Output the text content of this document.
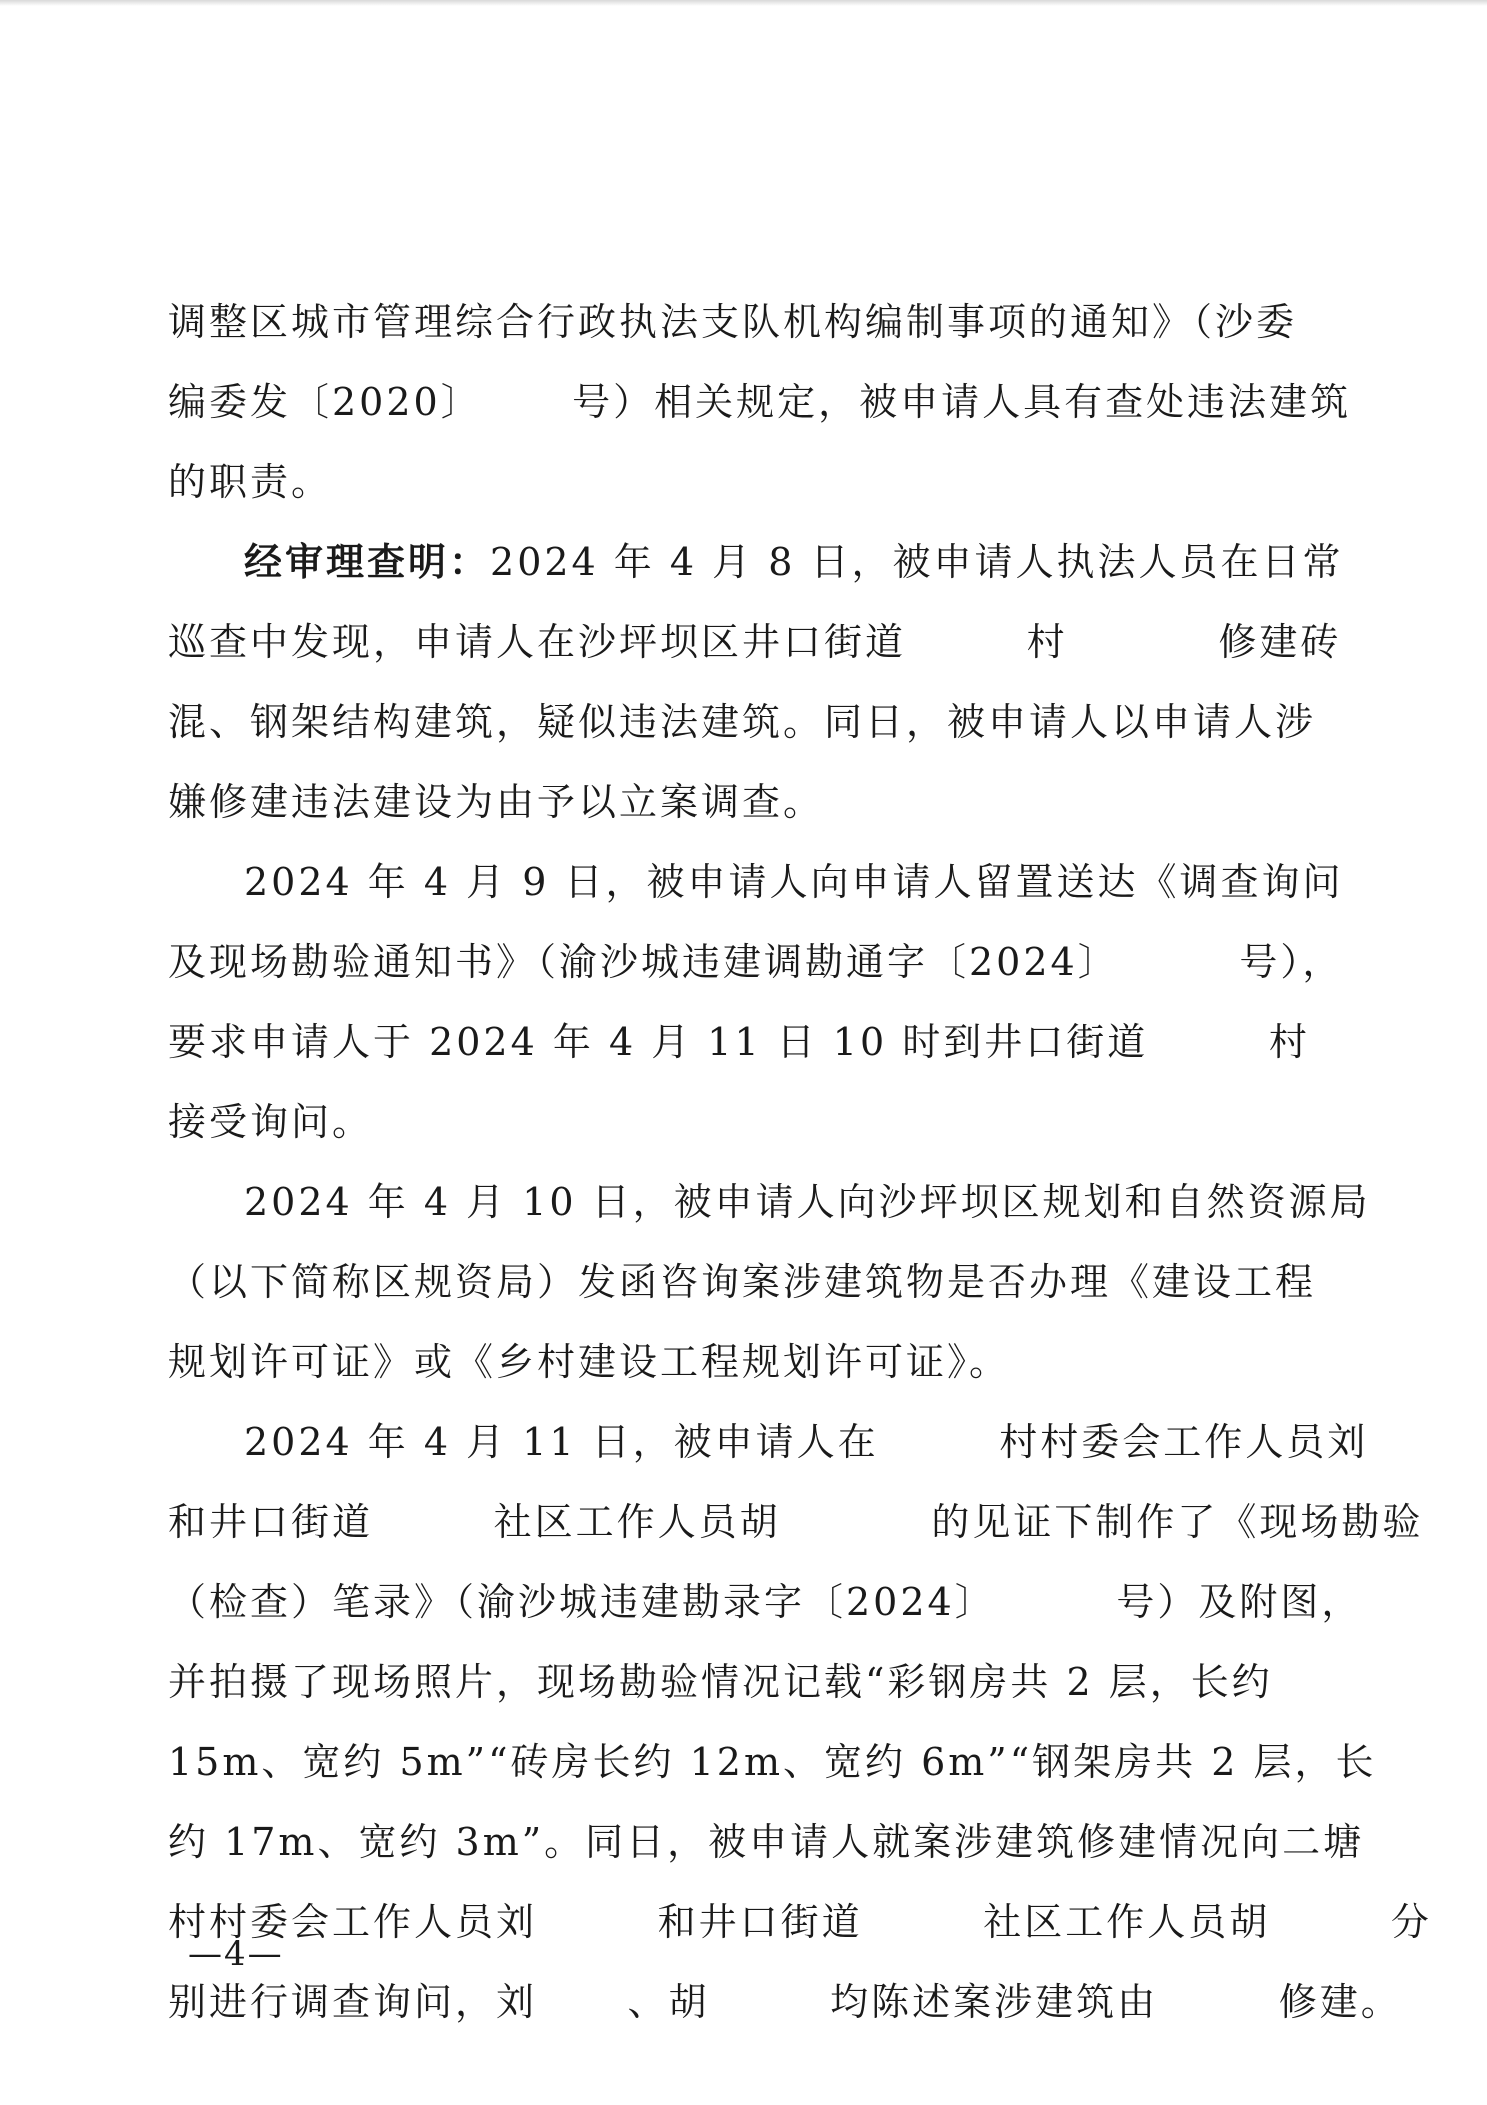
调整区城市管理综合行政执法支队机构编制事项的通知》（沙委
编委发〔2020〕      号）相关规定，被申请人具有查处违法建筑
的职责。
经审理查明：2024 年 4 月 8 日，被申请人执法人员在日常
巡查中发现，申请人在沙坪坝区井口街道        村          修建砖
混、钢架结构建筑，疑似违法建筑。同日，被申请人以申请人涉
嫌修建违法建设为由予以立案调查。
2024 年 4 月 9 日，被申请人向申请人留置送达《调查询问
及现场勘验通知书》（渝沙城违建调勘通字〔2024〕        号），
要求申请人于 2024 年 4 月 11 日 10 时到井口街道        村
接受询问。
2024 年 4 月 10 日，被申请人向沙坪坝区规划和自然资源局
（以下简称区规资局）发函咨询案涉建筑物是否办理《建设工程
规划许可证》或《乡村建设工程规划许可证》。
2024 年 4 月 11 日，被申请人在        村村委会工作人员刘
和井口街道        社区工作人员胡          的见证下制作了《现场勘验
（检查）笔录》（渝沙城违建勘录字〔2024〕        号）及附图，
并拍摄了现场照片，现场勘验情况记载“彩钢房共 2 层，长约
15m、宽约 5m”“砖房长约 12m、宽约 6m”“钢架房共 2 层，长
约 17m、宽约 3m”。同日，被申请人就案涉建筑修建情况向二塘
村村委会工作人员刘        和井口街道        社区工作人员胡        分
别进行调查询问，刘      、胡        均陈述案涉建筑由        修建。
—4—
